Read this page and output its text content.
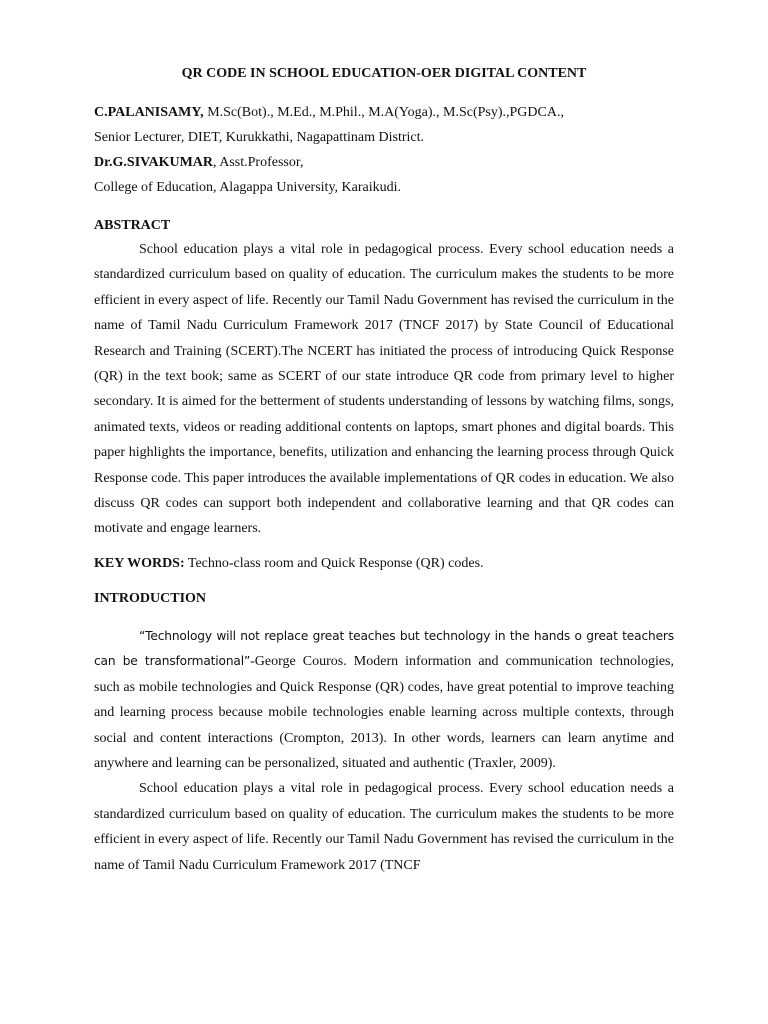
QR CODE IN SCHOOL EDUCATION-OER DIGITAL CONTENT

C.PALANISAMY, M.Sc(Bot)., M.Ed., M.Phil., M.A(Yoga)., M.Sc(Psy).,PGDCA.,

Senior Lecturer, DIET, Kurukkathi, Nagapattinam District.

Dr.G.SIVAKUMAR, Asst.Professor,

College of Education, Alagappa University, Karaikudi.

ABSTRACT

School education plays a vital role in pedagogical process. Every school education needs a standardized curriculum based on quality of education. The curriculum makes the students to be more efficient in every aspect of life. Recently our Tamil Nadu Government has revised the curriculum in the name of Tamil Nadu Curriculum Framework 2017 (TNCF 2017) by State Council of Educational Research and Training (SCERT).The NCERT has initiated the process of introducing Quick Response (QR) in the text book; same as SCERT of our state introduce QR code from primary level to higher secondary. It is aimed for the betterment of students understanding of lessons by watching films, songs, animated texts, videos or reading additional contents on laptops, smart phones and digital boards. This paper highlights the importance, benefits, utilization and enhancing the learning process through Quick Response code. This paper introduces the available implementations of QR codes in education. We also discuss QR codes can support both independent and collaborative learning and that QR codes can motivate and engage learners.

KEY WORDS: Techno-class room and Quick Response (QR) codes.

INTRODUCTION

“Technology will not replace great teaches but technology in the hands o great teachers can be transformational”-George Couros. Modern information and communication technologies, such as mobile technologies and Quick Response (QR) codes, have great potential to improve teaching and learning process because mobile technologies enable learning across multiple contexts, through social and content interactions (Crompton, 2013). In other words, learners can learn anytime and anywhere and learning can be personalized, situated and authentic (Traxler, 2009).

School education plays a vital role in pedagogical process. Every school education needs a standardized curriculum based on quality of education. The curriculum makes the students to be more efficient in every aspect of life. Recently our Tamil Nadu Government has revised the curriculum in the name of Tamil Nadu Curriculum Framework 2017 (TNCF
